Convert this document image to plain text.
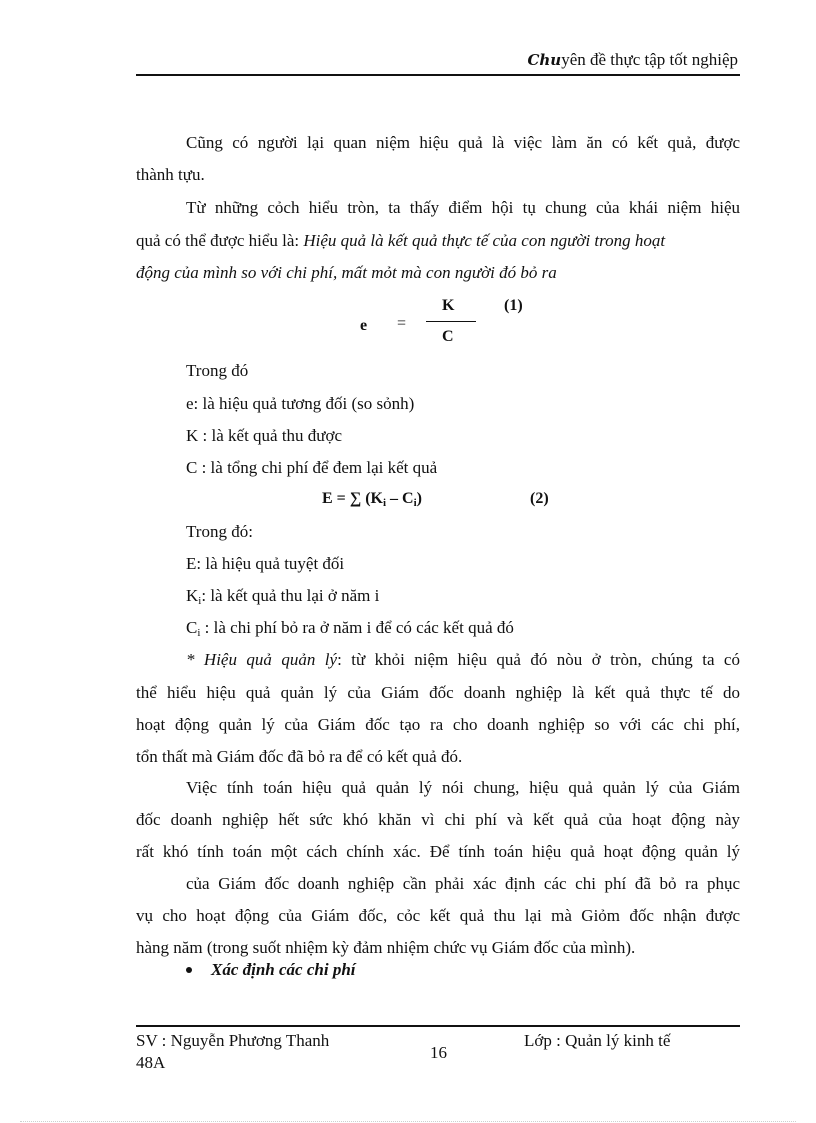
Chuyên đề thực tập tốt nghiệp
Cũng có người lại quan niệm hiệu quả là việc làm ăn có kết quả, được
thành tựu.
Từ những cỏch hiểu tròn, ta thấy điểm hội tụ chung của khái niệm hiệu
quả có thể được hiểu là: Hiệu quả là kết quả thực tế của con người trong hoạt
động của mình so với chi phí, mất mỏt mà con người đó bỏ ra
e =
K
C
(1)
Trong đó
e: là hiệu quả tương đối (so sỏnh)
K : là kết quả thu được
C : là tổng chi phí để đem lại kết quả
E = ∑ $(K_i - C_i)$	(2)
Trong đó:
E: là hiệu quả tuyệt đối
$K_i$: là kết quả thu lại ở năm i
$C_i$ : là chi phí bỏ ra ở năm i để có các kết quả đó
* Hiệu quả quản lý: từ khỏi niệm hiệu quả đó nòu ở tròn, chúng ta có
thể hiểu hiệu quả quản lý của Giám đốc doanh nghiệp là kết quả thực tế do
hoạt động quản lý của Giám đốc tạo ra cho doanh nghiệp so với các chi phí,
tổn thất mà Giám đốc đã bỏ ra để có kết quả đó.
Việc tính toán hiệu quả quản lý nói chung, hiệu quả quản lý của Giám
đốc doanh nghiệp hết sức khó khăn vì chi phí và kết quả của hoạt động này
rất khó tính toán một cách chính xác. Để tính toán hiệu quả hoạt động quản lý
của Giám đốc doanh nghiệp cần phải xác định các chi phí đã bỏ ra phục
vụ cho hoạt động của Giám đốc, cỏc kết quả thu lại mà Giỏm đốc nhận được
hàng năm (trong suốt nhiệm kỳ đảm nhiệm chức vụ Giám đốc của mình).
Xác định các chi phí
SV : Nguyễn Phương Thanh
48A
16
Lớp : Quản lý kinh tế
